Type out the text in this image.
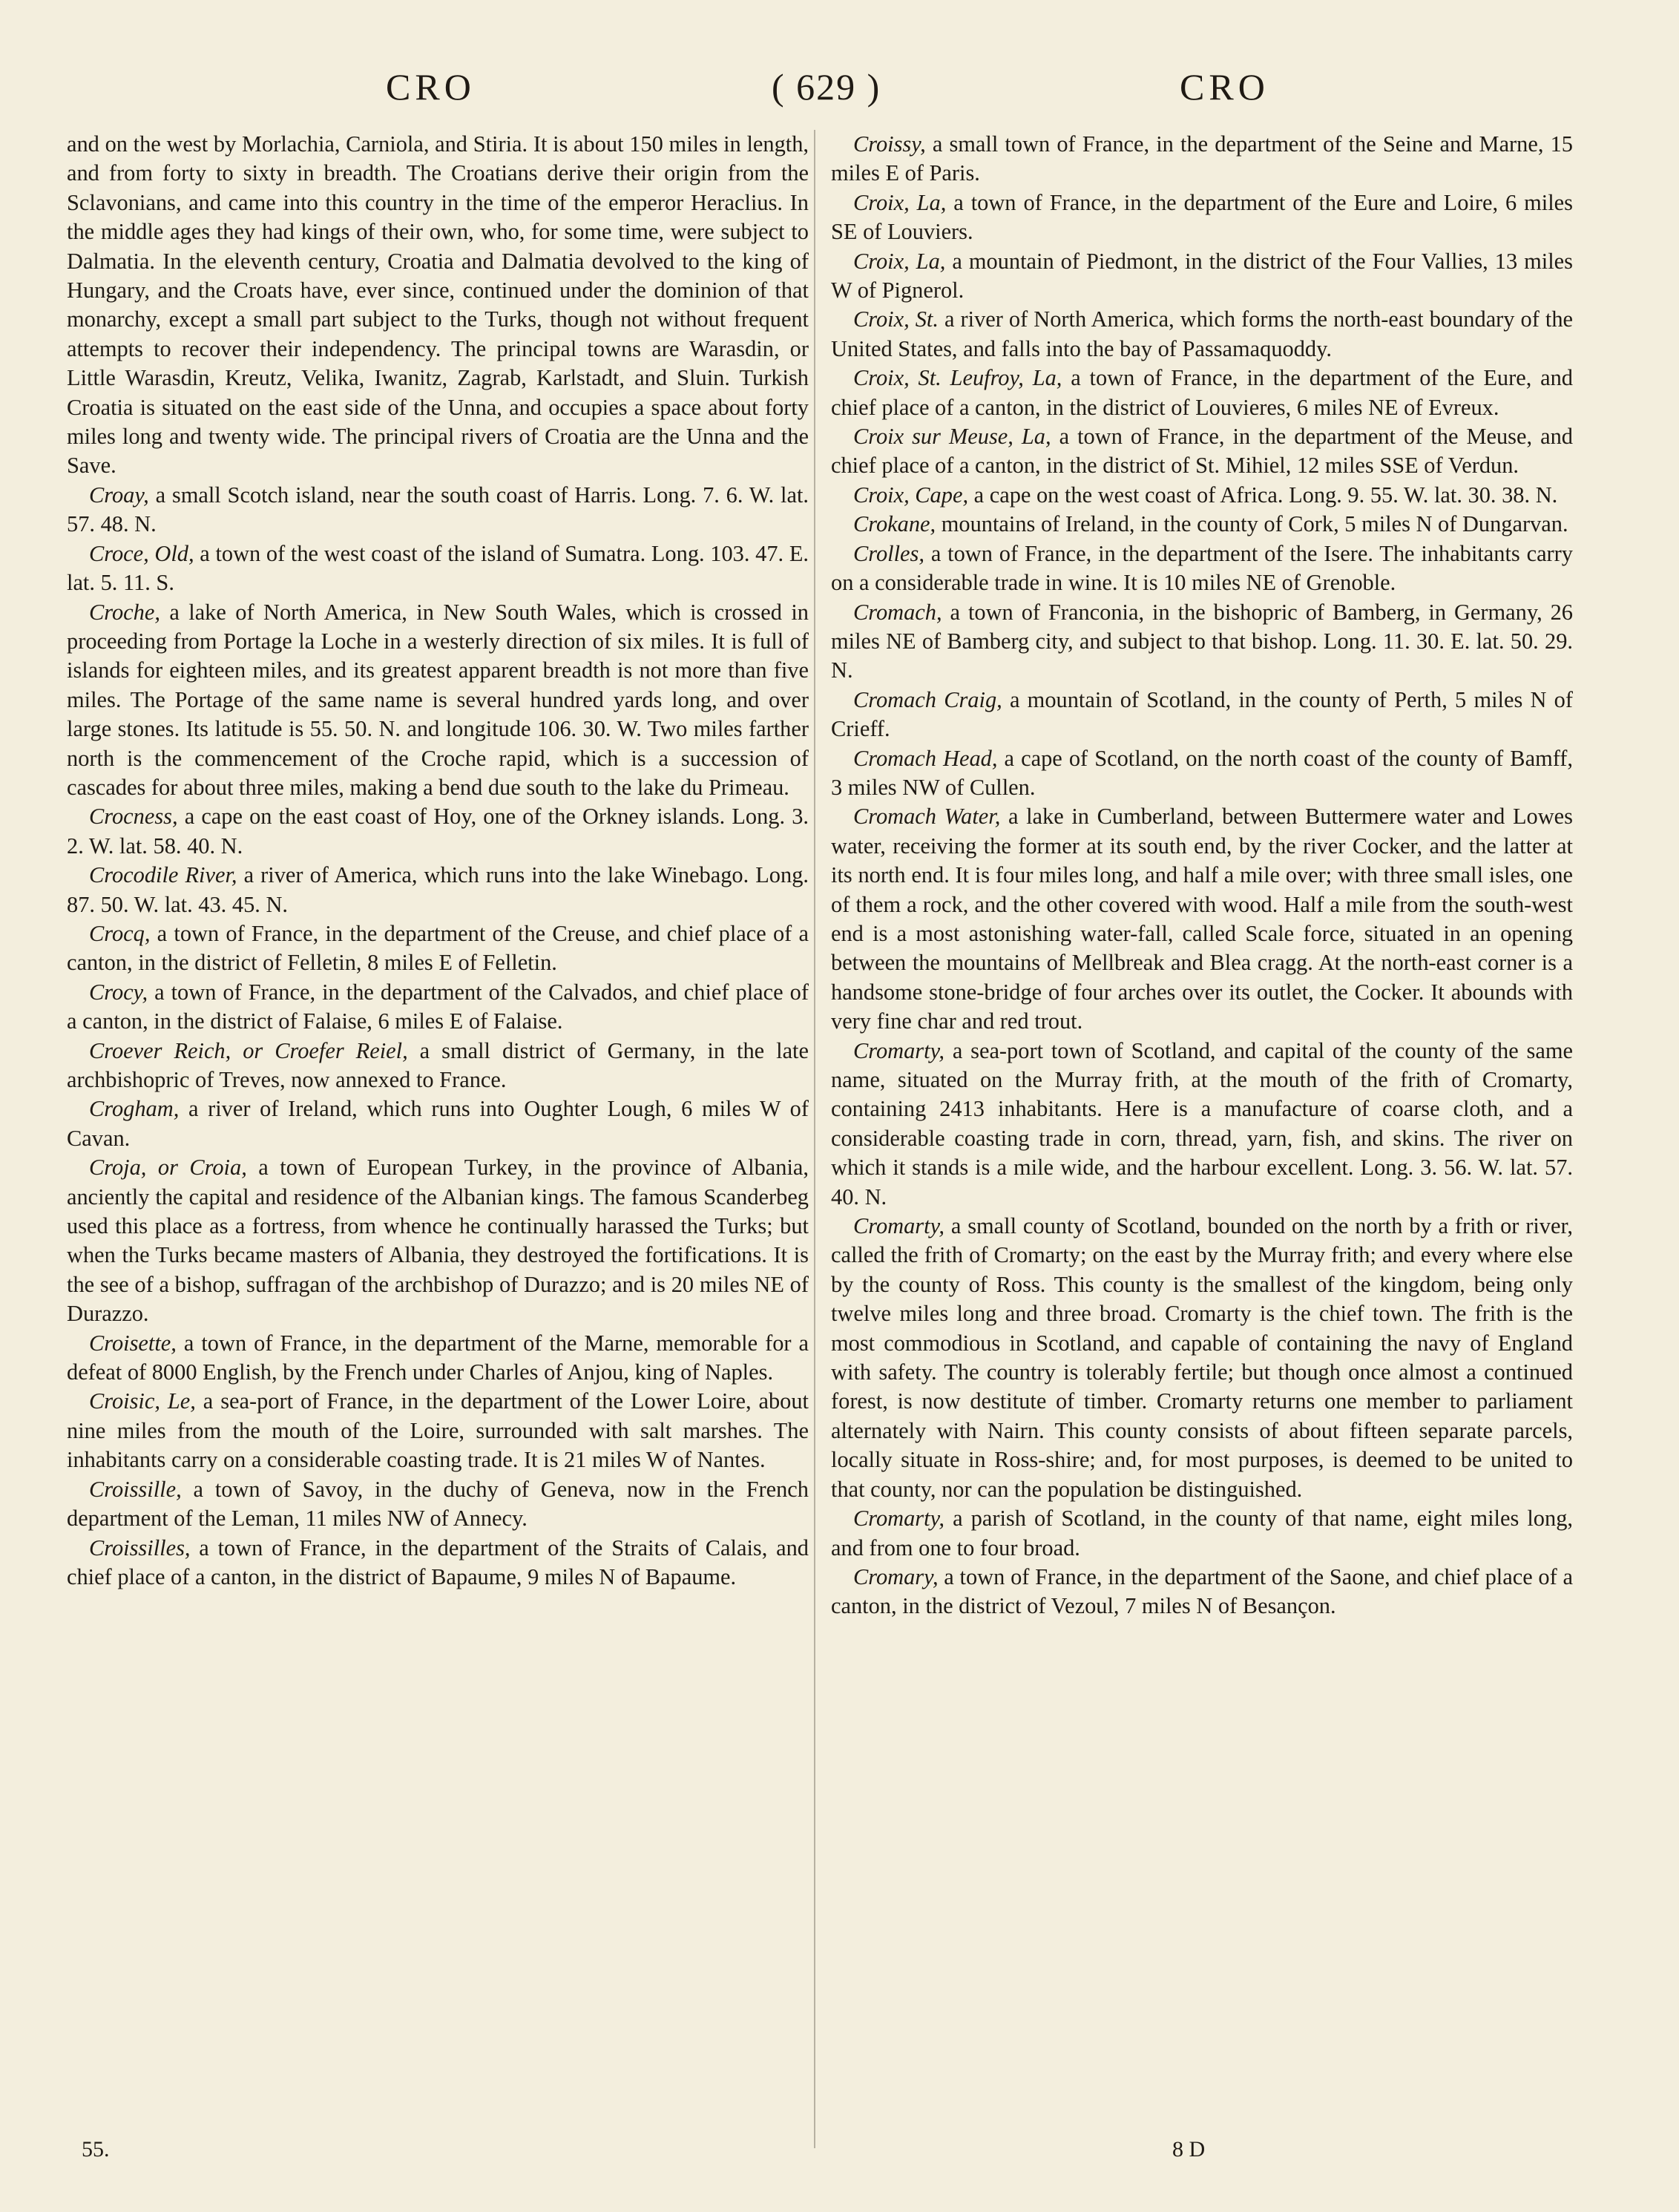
CRO	( 629 )	CRO

and on the west by Morlachia, Carniola, and Stiria. It is about 150 miles in length, and from forty to sixty in breadth. The Croatians derive their origin from the Sclavonians, and came into this country in the time of the emperor Heraclius. In the middle ages they had kings of their own, who, for some time, were subject to Dalmatia. In the eleventh century, Croatia and Dalmatia devolved to the king of Hungary, and the Croats have, ever since, continued under the dominion of that monarchy, except a small part subject to the Turks, though not without frequent attempts to recover their independency. The principal towns are Warasdin, or Little Warasdin, Kreutz, Velika, Iwanitz, Zagrab, Karlstadt, and Sluin. Turkish Croatia is situated on the east side of the Unna, and occupies a space about forty miles long and twenty wide. The principal rivers of Croatia are the Unna and the Save.

Croay, a small Scotch island, near the south coast of Harris. Long. 7. 6. W. lat. 57. 48. N.

Croce, Old, a town of the west coast of the island of Sumatra. Long. 103. 47. E. lat. 5. 11. S.

Croche, a lake of North America, in New South Wales, which is crossed in proceeding from Portage la Loche in a westerly direction of six miles. It is full of islands for eighteen miles, and its greatest apparent breadth is not more than five miles. The Portage of the same name is several hundred yards long, and over large stones. Its latitude is 55. 50. N. and longitude 106. 30. W. Two miles farther north is the commencement of the Croche rapid, which is a succession of cascades for about three miles, making a bend due south to the lake du Primeau.

Crocness, a cape on the east coast of Hoy, one of the Orkney islands. Long. 3. 2. W. lat. 58. 40. N.

Crocodile River, a river of America, which runs into the lake Winebago. Long. 87. 50. W. lat. 43. 45. N.

Crocq, a town of France, in the department of the Creuse, and chief place of a canton, in the district of Felletin, 8 miles E of Felletin.

Crocy, a town of France, in the department of the Calvados, and chief place of a canton, in the district of Falaise, 6 miles E of Falaise.

Croever Reich, or Croefer Reiel, a small district of Germany, in the late archbishopric of Treves, now annexed to France.

Crogham, a river of Ireland, which runs into Oughter Lough, 6 miles W of Cavan.

Croja, or Croia, a town of European Turkey, in the province of Albania, anciently the capital and residence of the Albanian kings. The famous Scanderbeg used this place as a fortress, from whence he continually harassed the Turks; but when the Turks became masters of Albania, they destroyed the fortifications. It is the see of a bishop, suffragan of the archbishop of Durazzo; and is 20 miles NE of Durazzo.

Croisette, a town of France, in the department of the Marne, memorable for a defeat of 8000 English, by the French under Charles of Anjou, king of Naples.

Croisic, Le, a sea-port of France, in the department of the Lower Loire, about nine miles from the mouth of the Loire, surrounded with salt marshes. The inhabitants carry on a considerable coasting trade. It is 21 miles W of Nantes.

Croissille, a town of Savoy, in the duchy of Geneva, now in the French department of the Leman, 11 miles NW of Annecy.

Croissilles, a town of France, in the department of the Straits of Calais, and chief place of a canton, in the district of Bapaume, 9 miles N of Bapaume.

Croissy, a small town of France, in the department of the Seine and Marne, 15 miles E of Paris.

Croix, La, a town of France, in the department of the Eure and Loire, 6 miles SE of Louviers.

Croix, La, a mountain of Piedmont, in the district of the Four Vallies, 13 miles W of Pignerol.

Croix, St. a river of North America, which forms the north-east boundary of the United States, and falls into the bay of Passamaquoddy.

Croix, St. Leufroy, La, a town of France, in the department of the Eure, and chief place of a canton, in the district of Louvieres, 6 miles NE of Evreux.

Croix sur Meuse, La, a town of France, in the department of the Meuse, and chief place of a canton, in the district of St. Mihiel, 12 miles SSE of Verdun.

Croix, Cape, a cape on the west coast of Africa. Long. 9. 55. W. lat. 30. 38. N.

Crokane, mountains of Ireland, in the county of Cork, 5 miles N of Dungarvan.

Crolles, a town of France, in the department of the Isere. The inhabitants carry on a considerable trade in wine. It is 10 miles NE of Grenoble.

Cromach, a town of Franconia, in the bishopric of Bamberg, in Germany, 26 miles NE of Bamberg city, and subject to that bishop. Long. 11. 30. E. lat. 50. 29. N.

Cromach Craig, a mountain of Scotland, in the county of Perth, 5 miles N of Crieff.

Cromach Head, a cape of Scotland, on the north coast of the county of Bamff, 3 miles NW of Cullen.

Cromach Water, a lake in Cumberland, between Buttermere water and Lowes water, receiving the former at its south end, by the river Cocker, and the latter at its north end. It is four miles long, and half a mile over; with three small isles, one of them a rock, and the other covered with wood. Half a mile from the south-west end is a most astonishing water-fall, called Scale force, situated in an opening between the mountains of Mellbreak and Blea cragg. At the north-east corner is a handsome stone-bridge of four arches over its outlet, the Cocker. It abounds with very fine char and red trout.

Cromarty, a sea-port town of Scotland, and capital of the county of the same name, situated on the Murray frith, at the mouth of the frith of Cromarty, containing 2413 inhabitants. Here is a manufacture of coarse cloth, and a considerable coasting trade in corn, thread, yarn, fish, and skins. The river on which it stands is a mile wide, and the harbour excellent. Long. 3. 56. W. lat. 57. 40. N.

Cromarty, a small county of Scotland, bounded on the north by a frith or river, called the frith of Cromarty; on the east by the Murray frith; and every where else by the county of Ross. This county is the smallest of the kingdom, being only twelve miles long and three broad. Cromarty is the chief town. The frith is the most commodious in Scotland, and capable of containing the navy of England with safety. The country is tolerably fertile; but though once almost a continued forest, is now destitute of timber. Cromarty returns one member to parliament alternately with Nairn. This county consists of about fifteen separate parcels, locally situate in Ross-shire; and, for most purposes, is deemed to be united to that county, nor can the population be distinguished.

Cromarty, a parish of Scotland, in the county of that name, eight miles long, and from one to four broad.

Cromary, a town of France, in the department of the Saone, and chief place of a canton, in the district of Vezoul, 7 miles N of Besançon.

55.	8 D
